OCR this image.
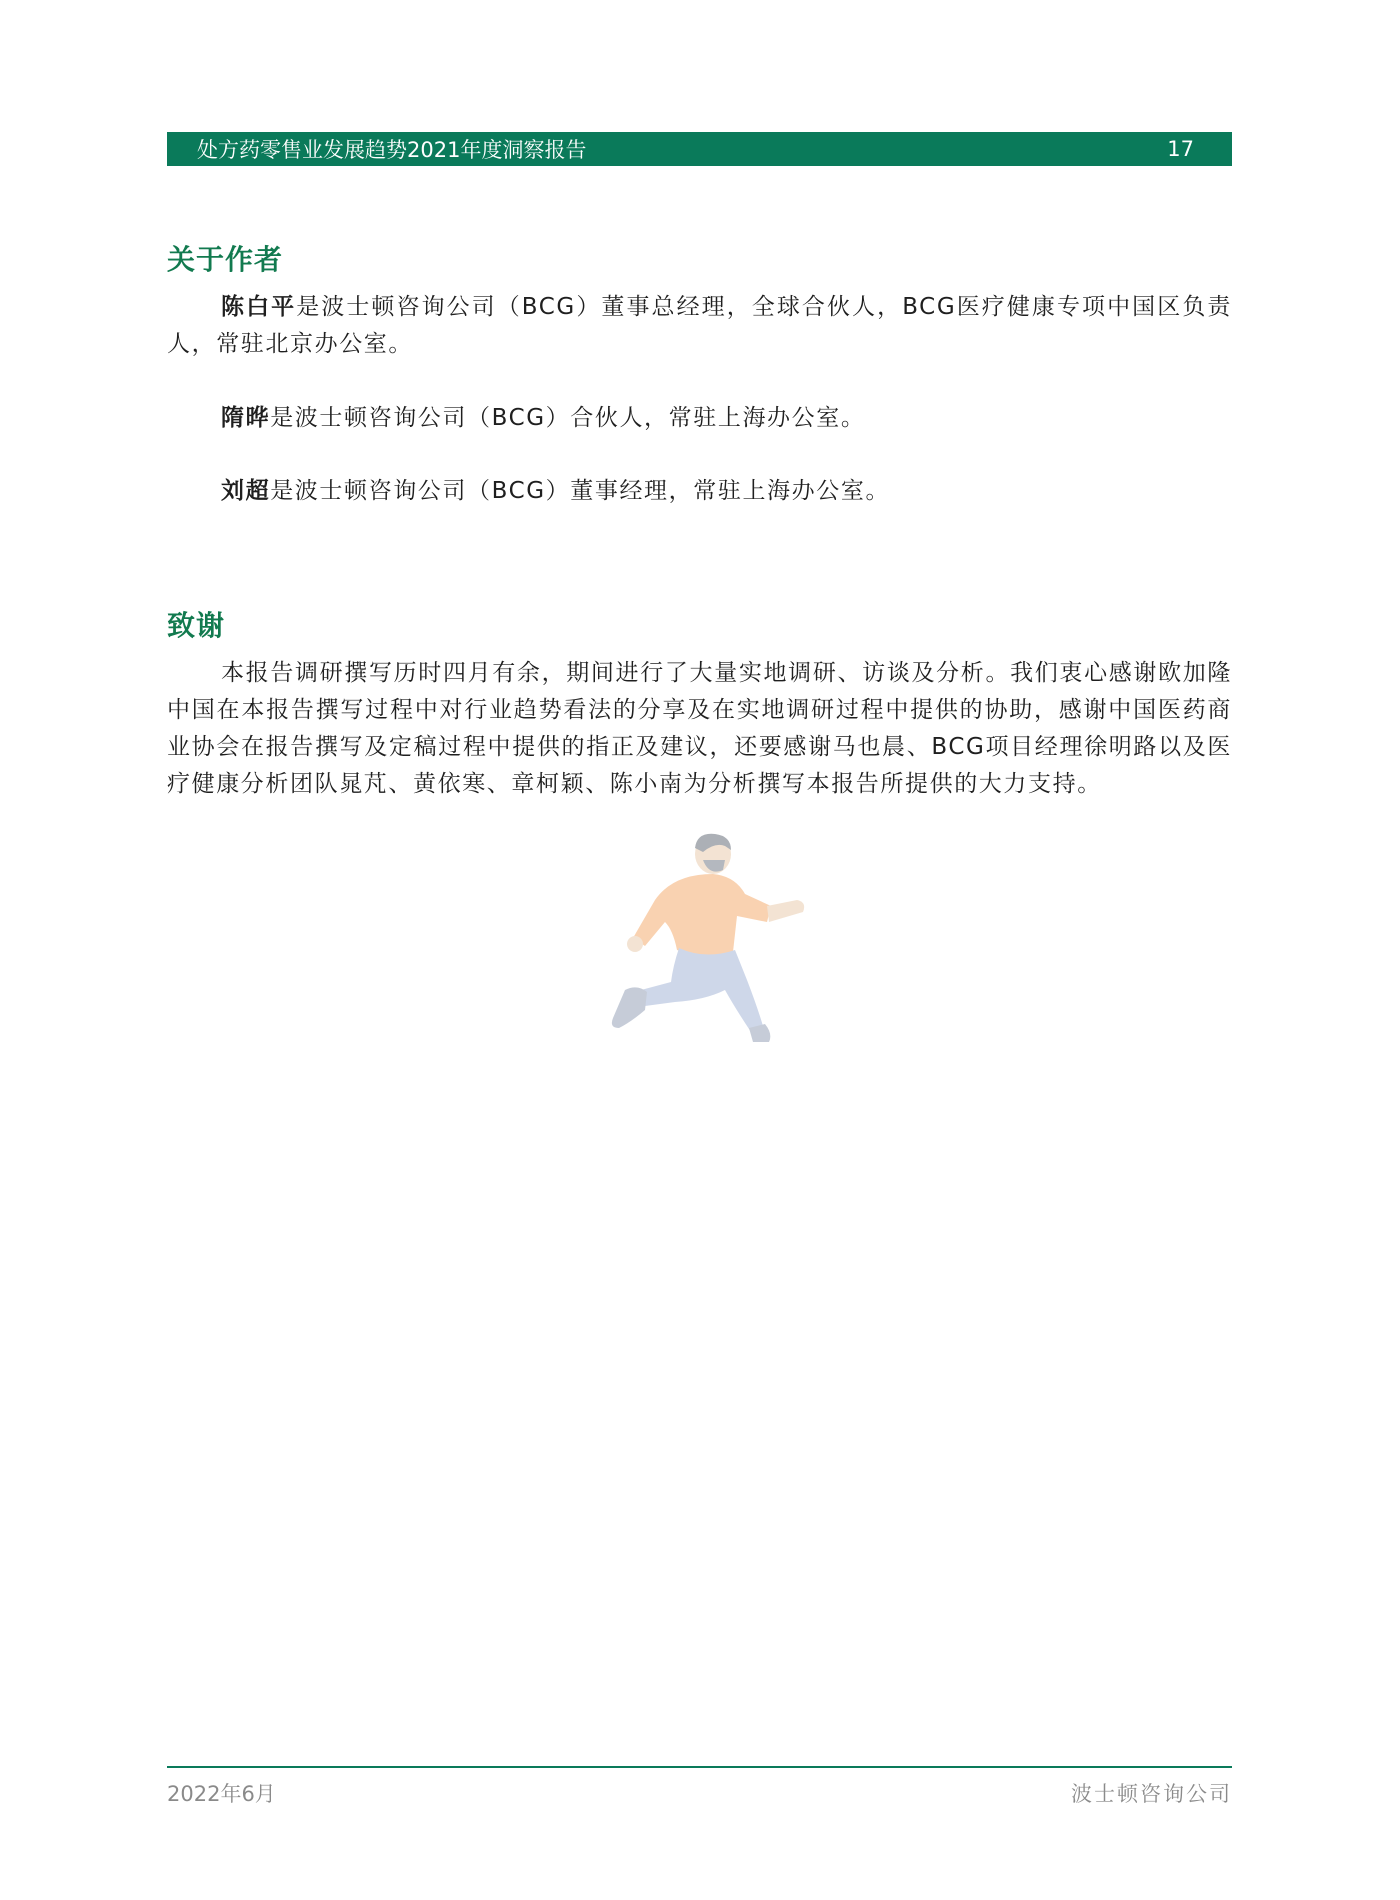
处方药零售业发展趋势2021年度洞察报告	17
关于作者

陈白平是波士顿咨询公司（BCG）董事总经理，全球合伙人，BCG医疗健康专项中国区负责人，常驻北京办公室。

隋晔是波士顿咨询公司（BCG）合伙人，常驻上海办公室。

刘超是波士顿咨询公司（BCG）董事经理，常驻上海办公室。

致谢

本报告调研撰写历时四月有余，期间进行了大量实地调研、访谈及分析。我们衷心感谢欧加隆中国在本报告撰写过程中对行业趋势看法的分享及在实地调研过程中提供的协助，感谢中国医药商业协会在报告撰写及定稿过程中提供的指正及建议，还要感谢马也晨、BCG项目经理徐明路以及医疗健康分析团队晁芃、黄依寒、章柯颖、陈小南为分析撰写本报告所提供的大力支持。

2022年6月	波士顿咨询公司
